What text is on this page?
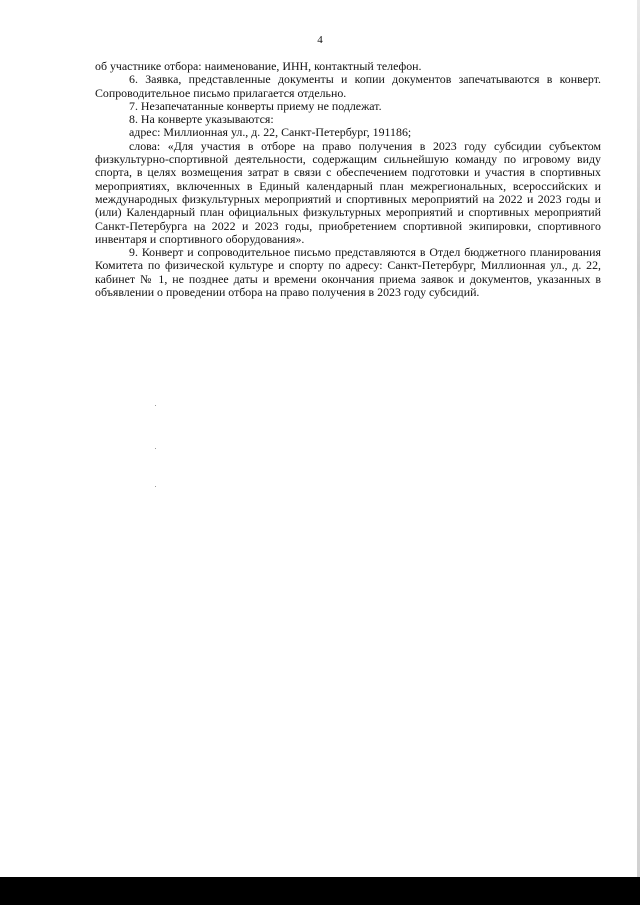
4

об участнике отбора: наименование, ИНН, контактный телефон.

6. Заявка, представленные документы и копии документов запечатываются в конверт. Сопроводительное письмо прилагается отдельно.

7. Незапечатанные конверты приему не подлежат.

8. На конверте указываются:

адрес: Миллионная ул., д. 22, Санкт-Петербург, 191186;

слова: «Для участия в отборе на право получения в 2023 году субсидии субъектом физкультурно-спортивной деятельности, содержащим сильнейшую команду по игровому виду спорта, в целях возмещения затрат в связи с обеспечением подготовки и участия в спортивных мероприятиях, включенных в Единый календарный план межрегиональных, всероссийских и международных физкультурных мероприятий и спортивных мероприятий на 2022 и 2023 годы и (или) Календарный план официальных физкультурных мероприятий и спортивных мероприятий Санкт-Петербурга на 2022 и 2023 годы, приобретением спортивной экипировки, спортивного инвентаря и спортивного оборудования».

9. Конверт и сопроводительное письмо представляются в Отдел бюджетного планирования Комитета по физической культуре и спорту по адресу: Санкт-Петербург, Миллионная ул., д. 22, кабинет № 1, не позднее даты и времени окончания приема заявок и документов, указанных в объявлении о проведении отбора на право получения в 2023 году субсидий.
